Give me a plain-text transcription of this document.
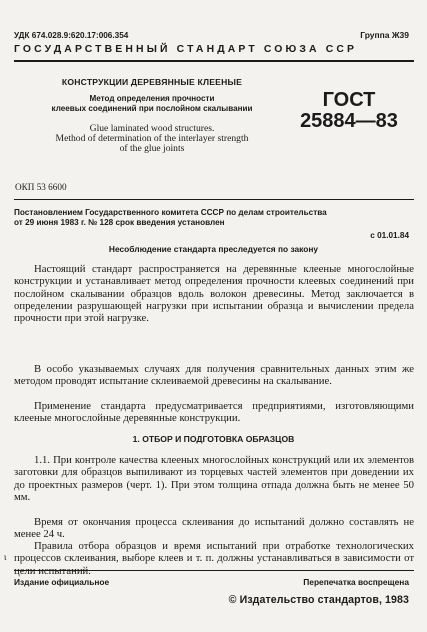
УДК 674.028.9:620.17:006.354	Группа Ж39
ГОСУДАРСТВЕННЫЙ СТАНДАРТ СОЮЗА ССР
КОНСТРУКЦИИ ДЕРЕВЯННЫЕ КЛЕЕНЫЕ
Метод определения прочности
клеевых соединений при послойном скалывании
Glue laminated wood structures.
Method of determination of the interlayer strength
of the glue joints
ГОСТ
25884—83
ОКП 53 6600
Постановлением Государственного комитета СССР по делам строительства
от 29 июня 1983 г. № 128 срок введения установлен
с 01.01.84
Несоблюдение стандарта преследуется по закону

Настоящий стандарт распространяется на деревянные клееные многослойные конструкции и устанавливает метод определения прочности клеевых соединений при послойном скалывании образцов вдоль волокон древесины. Метод заключается в определении разрушающей нагрузки при испытании образца и вычислении предела прочности при этой нагрузке.

В особо указываемых случаях для получения сравнительных данных этим же методом проводят испытание склеиваемой древесины на скалывание.

Применение стандарта предусматривается предприятиями, изготовляющими клееные многослойные деревянные конструкции.

1. ОТБОР И ПОДГОТОВКА ОБРАЗЦОВ

1.1. При контроле качества клееных многослойных конструкций или их элементов заготовки для образцов выпиливают из торцевых частей элементов при доведении их до проектных размеров (черт. 1). При этом толщина отпада должна быть не менее 50 мм.

Время от окончания процесса склеивания до испытаний должно составлять не менее 24 ч.

Правила отбора образцов и время испытаний при отработке технологических процессов склеивания, выборе клеев и т. п. должны устанавливаться в зависимости от

ɩ
Издание официальное	Перепечатка воспрещена
© Издательство стандартов, 1983
